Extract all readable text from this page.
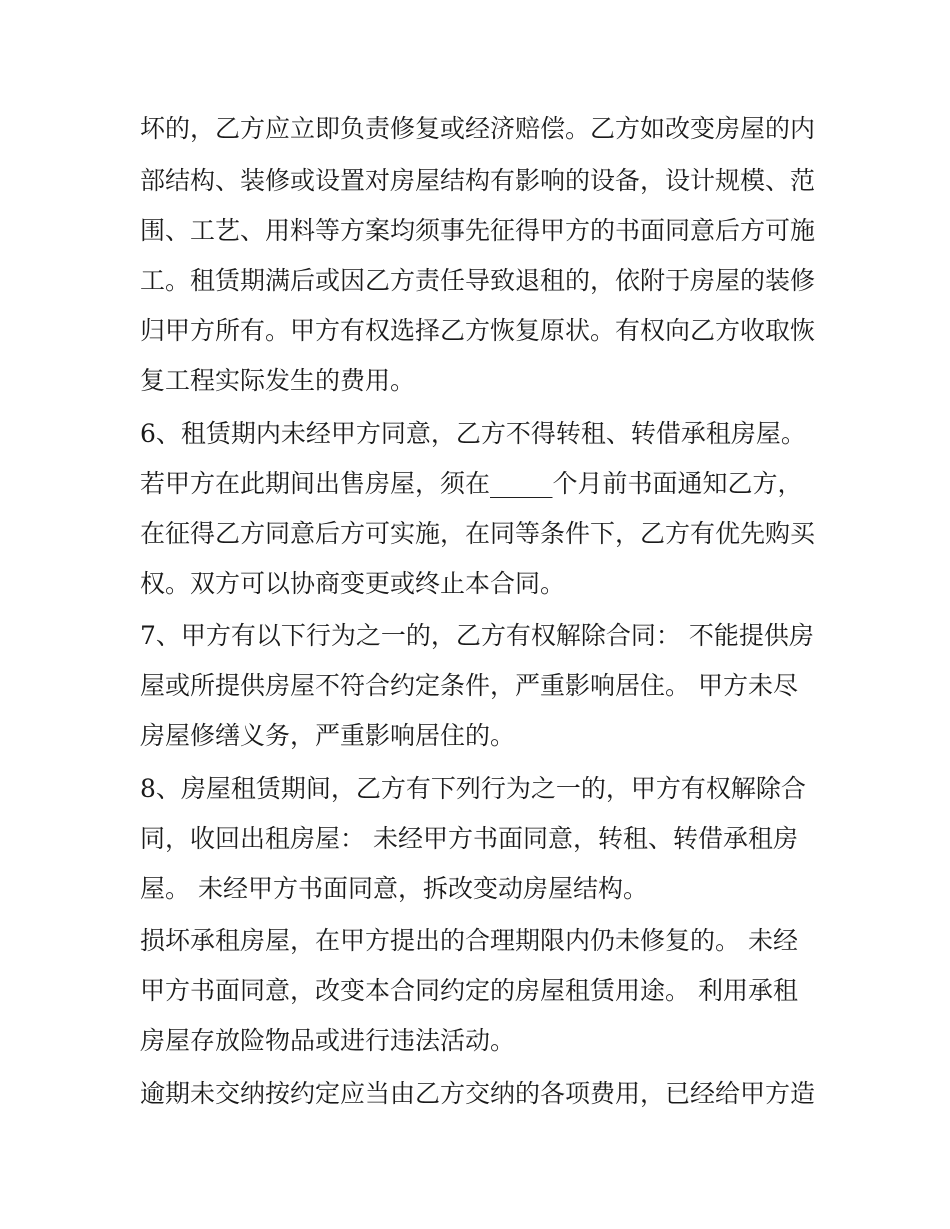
坏的，乙方应立即负责修复或经济赔偿。乙方如改变房屋的内
部结构、装修或设置对房屋结构有影响的设备，设计规模、范
围、工艺、用料等方案均须事先征得甲方的书面同意后方可施
工。租赁期满后或因乙方责任导致退租的，依附于房屋的装修
归甲方所有。甲方有权选择乙方恢复原状。有权向乙方收取恢
复工程实际发生的费用。
6、租赁期内未经甲方同意，乙方不得转租、转借承租房屋。
若甲方在此期间出售房屋，须在_____个月前书面通知乙方，
在征得乙方同意后方可实施，在同等条件下，乙方有优先购买
权。双方可以协商变更或终止本合同。
7、甲方有以下行为之一的，乙方有权解除合同： 不能提供房
屋或所提供房屋不符合约定条件，严重影响居住。 甲方未尽
房屋修缮义务，严重影响居住的。
8、房屋租赁期间，乙方有下列行为之一的，甲方有权解除合
同，收回出租房屋： 未经甲方书面同意，转租、转借承租房
屋。 未经甲方书面同意，拆改变动房屋结构。
损坏承租房屋，在甲方提出的合理期限内仍未修复的。 未经
甲方书面同意，改变本合同约定的房屋租赁用途。 利用承租
房屋存放险物品或进行违法活动。
逾期未交纳按约定应当由乙方交纳的各项费用，已经给甲方造
